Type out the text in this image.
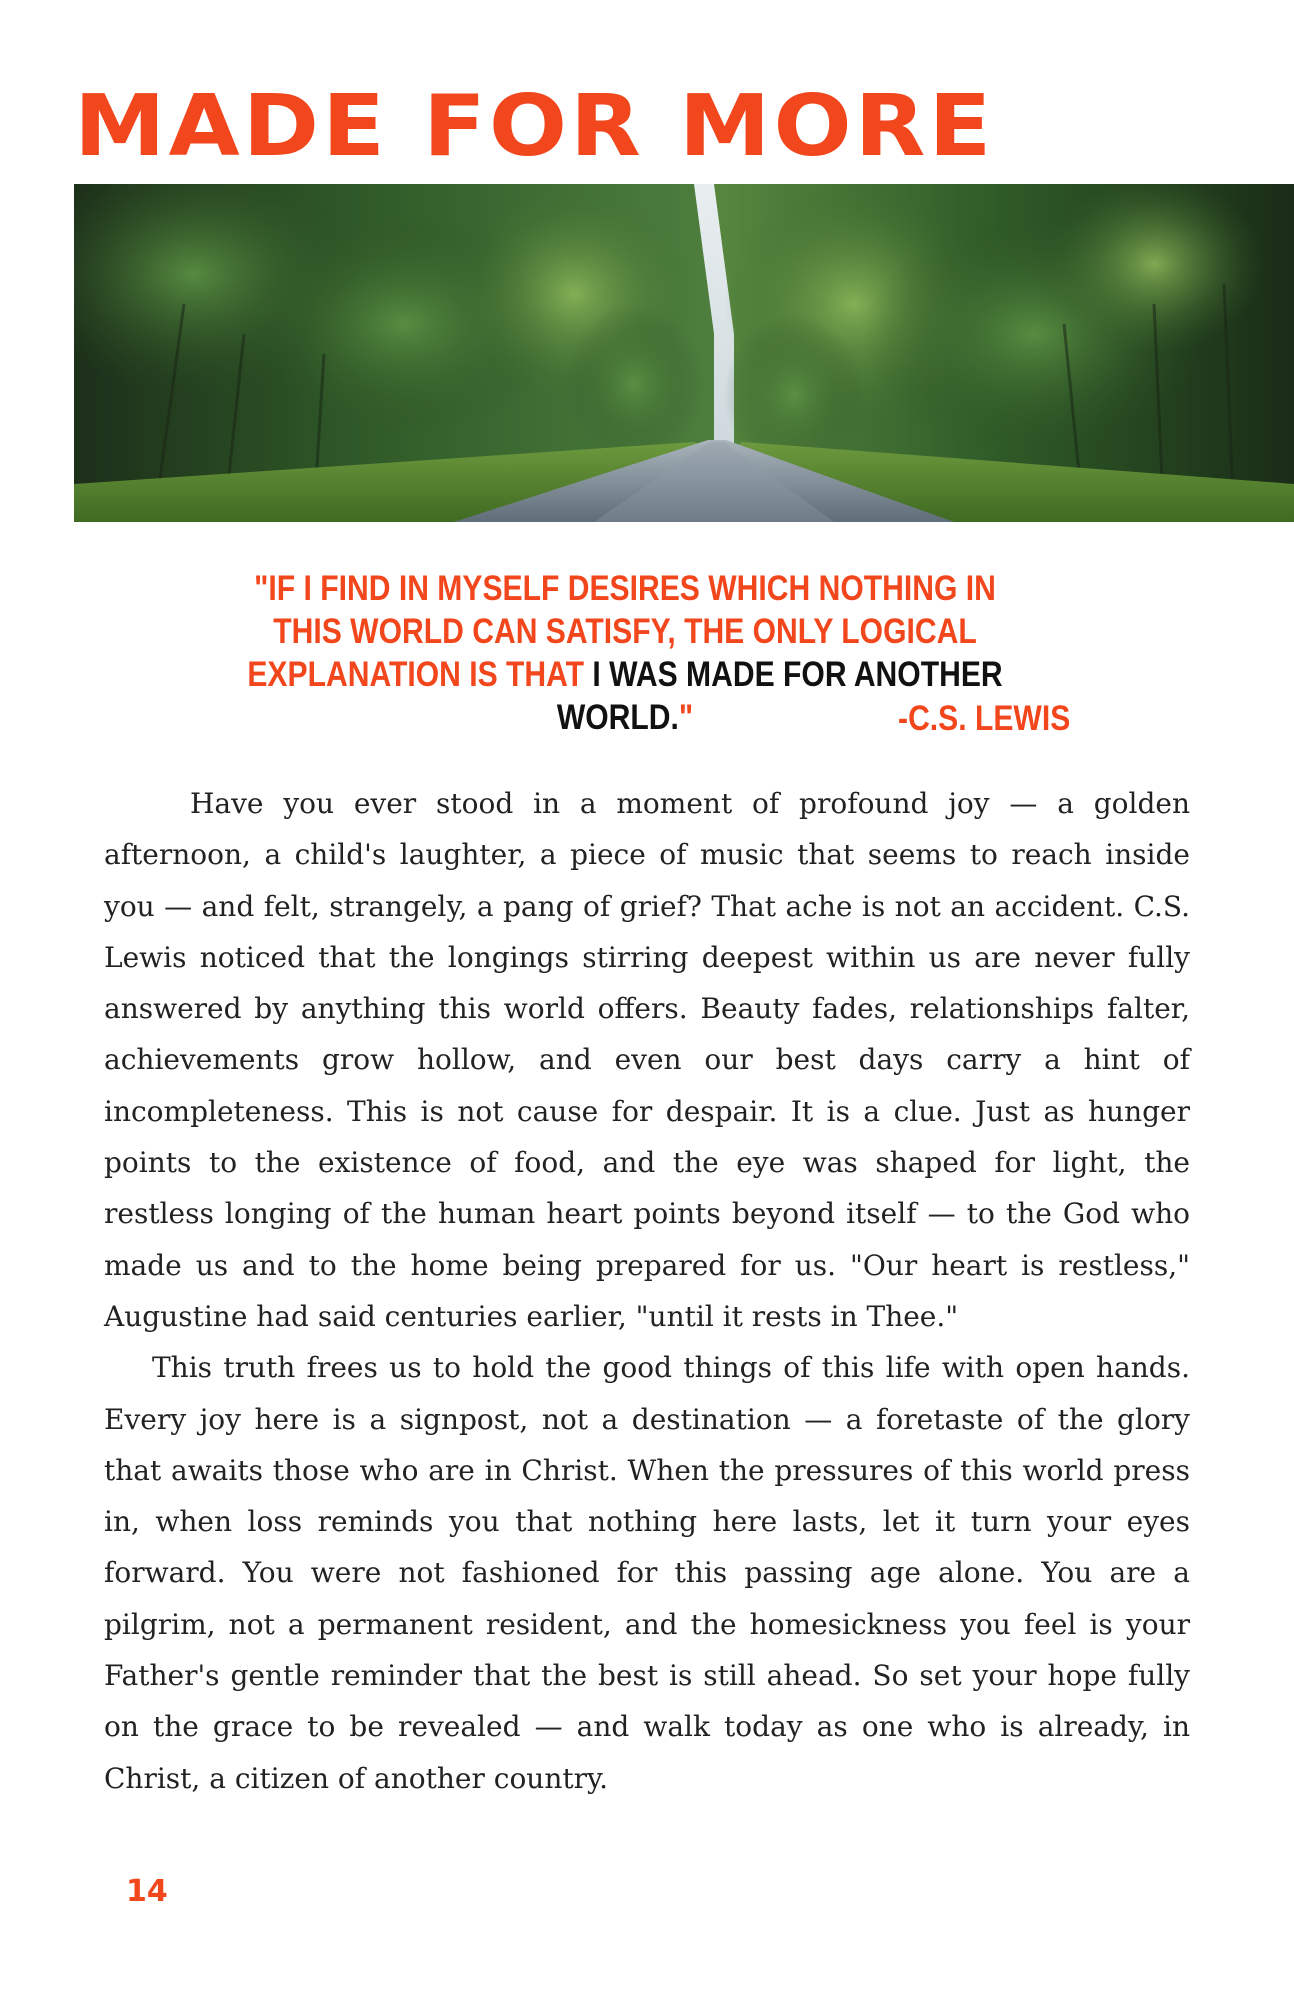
MADE FOR MORE
"IF I FIND IN MYSELF DESIRES WHICH NOTHING IN THIS WORLD CAN SATISFY, THE ONLY LOGICAL EXPLANATION IS THAT I WAS MADE FOR ANOTHER WORLD."	-C.S. LEWIS

Have you ever stood in a moment of profound joy — a golden afternoon, a child's laughter, a piece of music that seems to reach inside you — and felt, strangely, a pang of grief? That ache is not an accident. C.S. Lewis noticed that the longings stirring deepest within us are never fully answered by anything this world offers. Beauty fades, relationships falter, achievements grow hollow, and even our best days carry a hint of incompleteness. This is not cause for despair. It is a clue. Just as hunger points to the existence of food, and the eye was shaped for light, the restless longing of the human heart points beyond itself — to the God who made us and to the home being prepared for us. "Our heart is restless," Augustine had said centuries earlier, "until it rests in Thee."

This truth frees us to hold the good things of this life with open hands. Every joy here is a signpost, not a destination — a foretaste of the glory that awaits those who are in Christ. When the pressures of this world press in, when loss reminds you that nothing here lasts, let it turn your eyes forward. You were not fashioned for this passing age alone. You are a pilgrim, not a permanent resident, and the homesickness you feel is your Father's gentle reminder that the best is still ahead. So set your hope fully on the grace to be revealed — and walk today as one who is already, in Christ, a citizen of another country.

14
